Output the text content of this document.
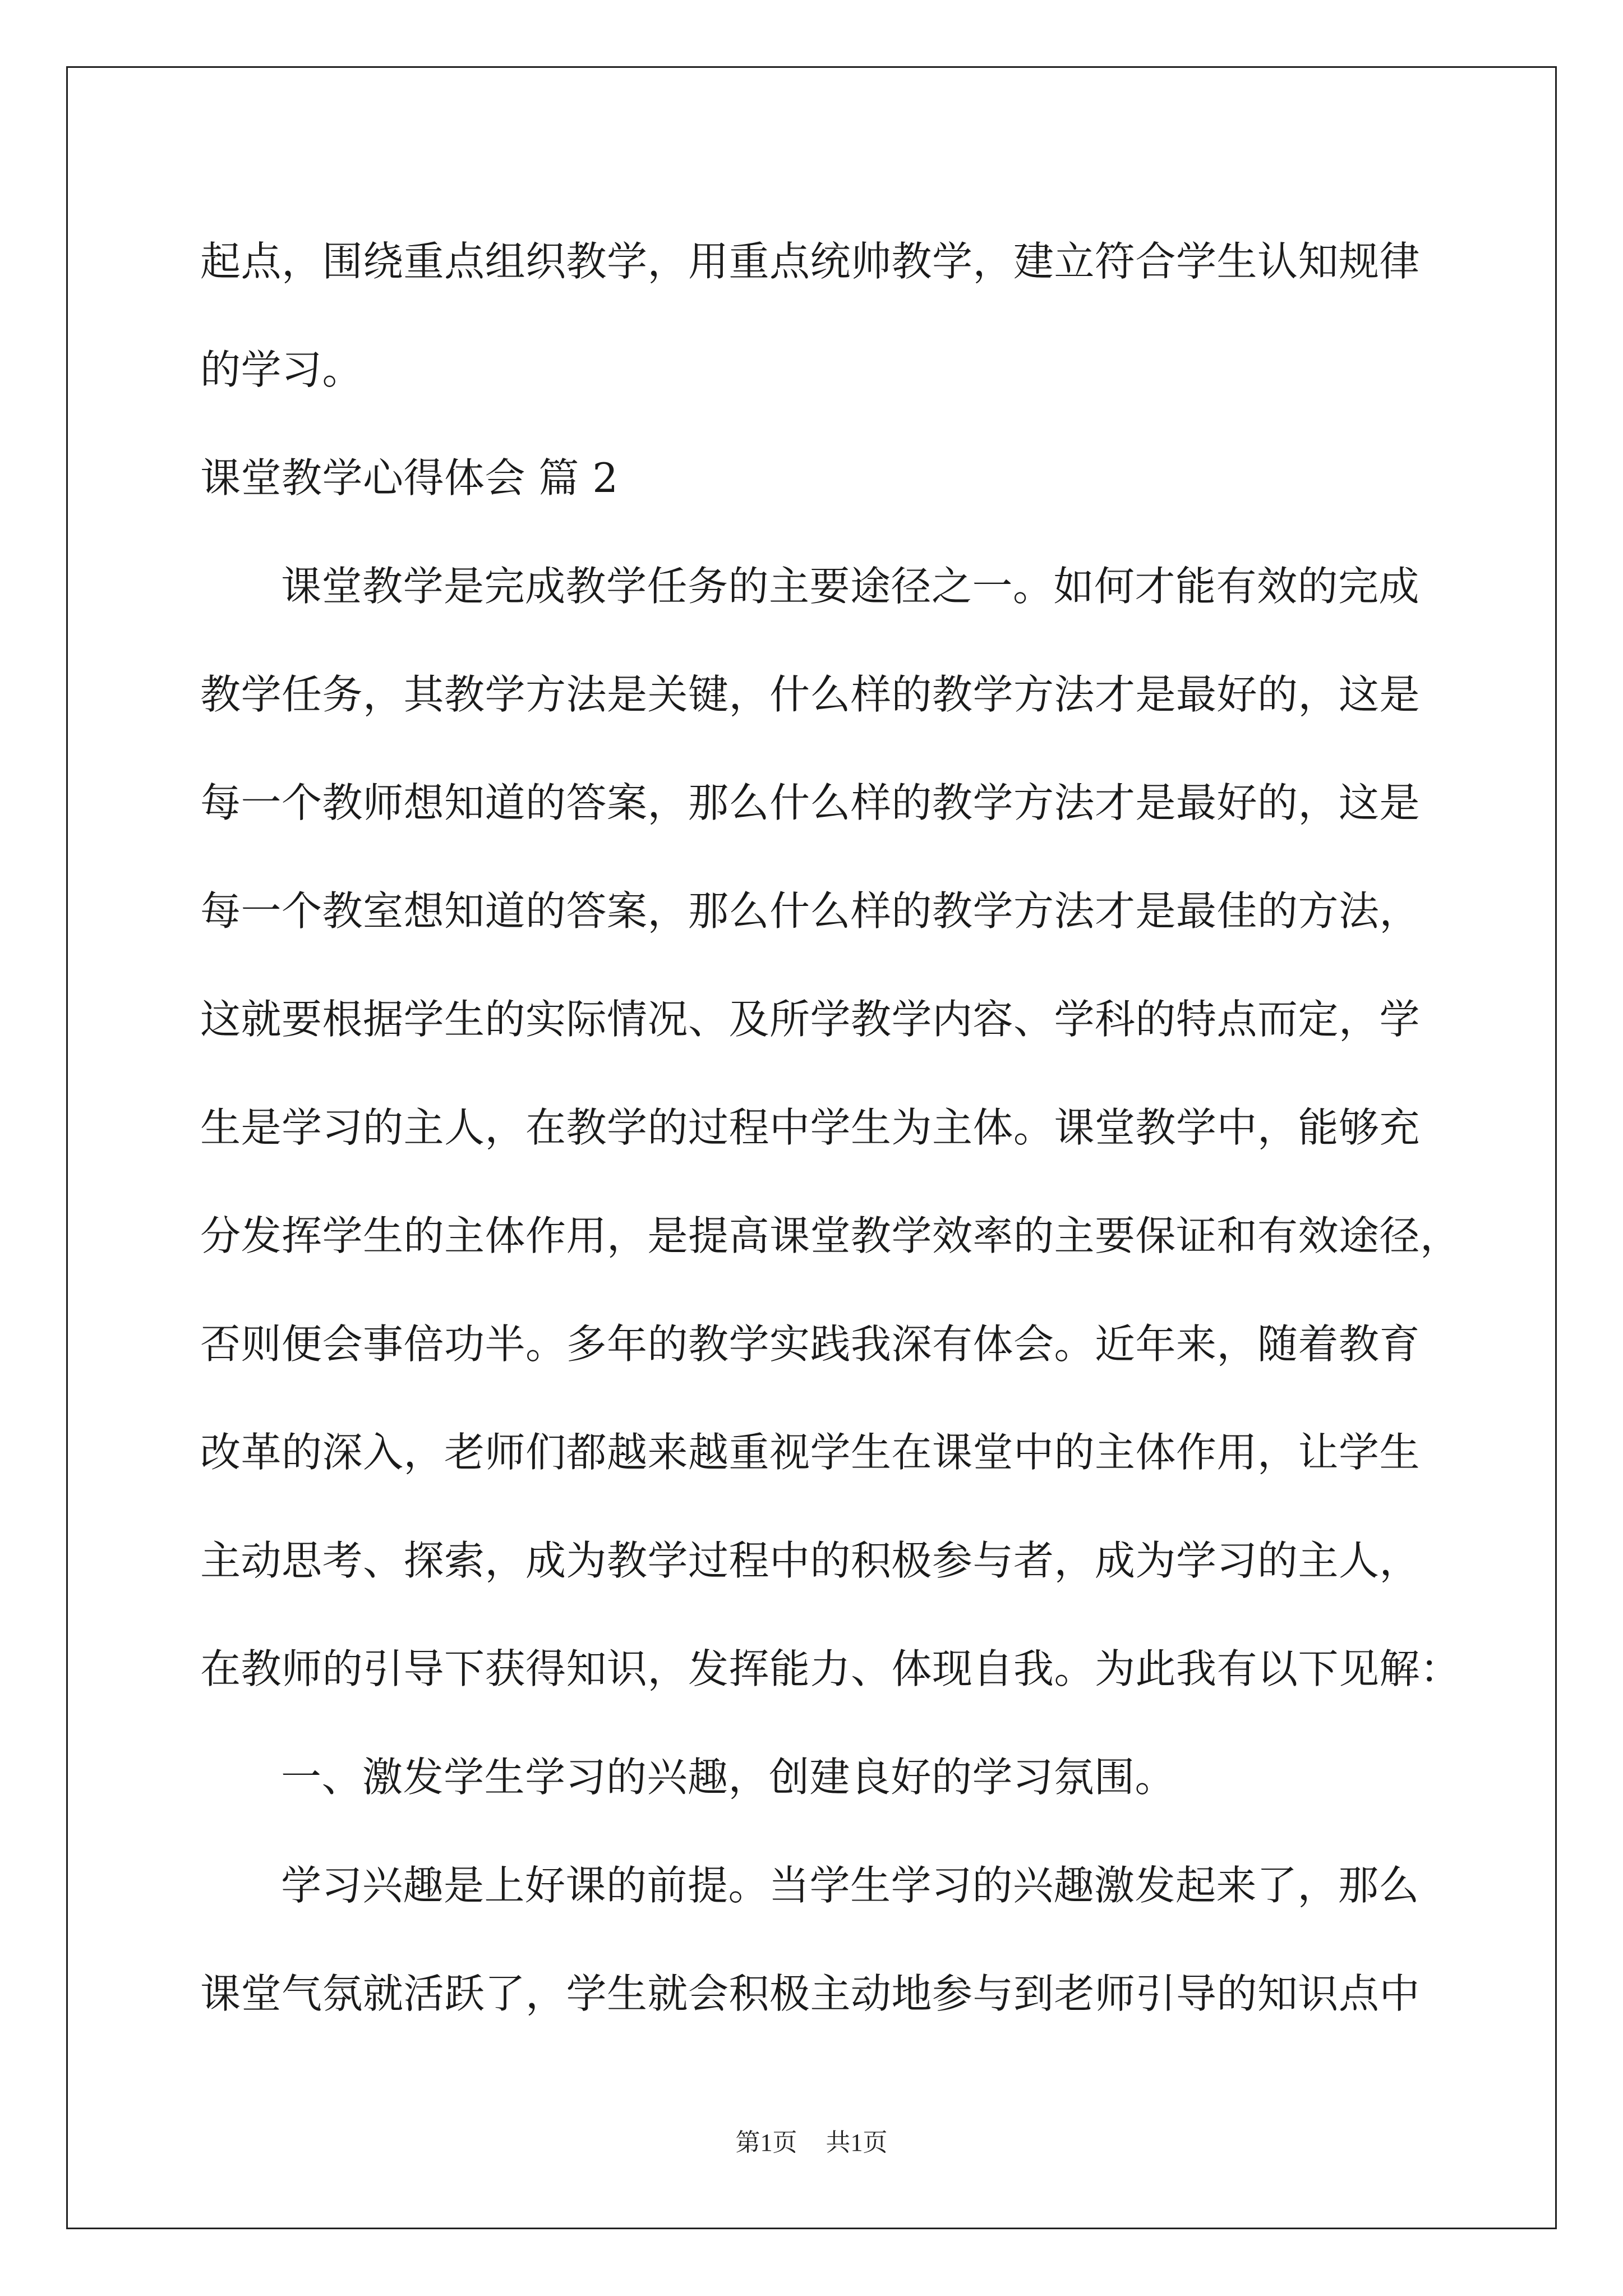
起点，围绕重点组织教学，用重点统帅教学，建立符合学生认知规律
的学习。
课堂教学心得体会 篇 2
课堂教学是完成教学任务的主要途径之一。如何才能有效的完成
教学任务，其教学方法是关键，什么样的教学方法才是最好的，这是
每一个教师想知道的答案，那么什么样的教学方法才是最好的，这是
每一个教室想知道的答案，那么什么样的教学方法才是最佳的方法，
这就要根据学生的实际情况、及所学教学内容、学科的特点而定，学
生是学习的主人，在教学的过程中学生为主体。课堂教学中，能够充
分发挥学生的主体作用，是提高课堂教学效率的主要保证和有效途径，
否则便会事倍功半。多年的教学实践我深有体会。近年来，随着教育
改革的深入，老师们都越来越重视学生在课堂中的主体作用，让学生
主动思考、探索，成为教学过程中的积极参与者，成为学习的主人，
在教师的引导下获得知识，发挥能力、体现自我。为此我有以下见解：
一、激发学生学习的兴趣，创建良好的学习氛围。
学习兴趣是上好课的前提。当学生学习的兴趣激发起来了，那么
课堂气氛就活跃了，学生就会积极主动地参与到老师引导的知识点中
第1页 共1页
